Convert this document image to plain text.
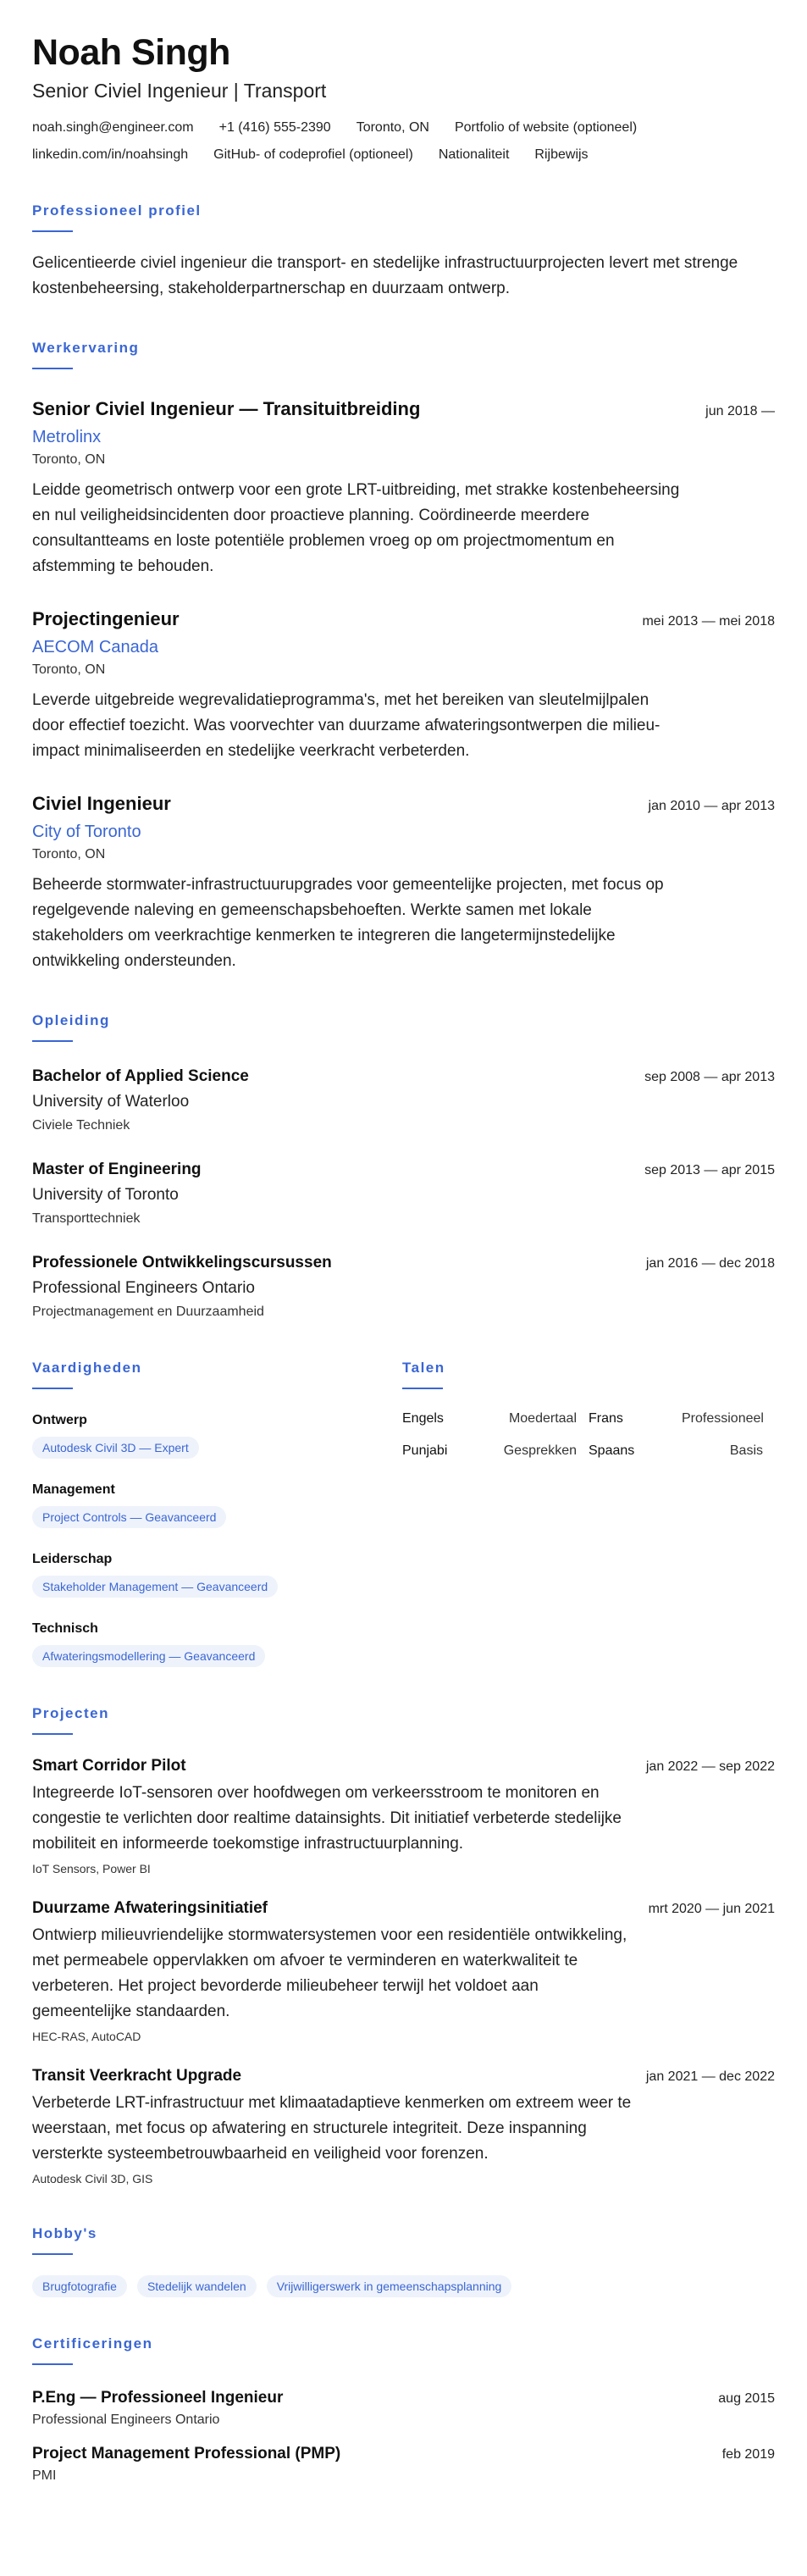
Noah Singh
Senior Civiel Ingenieur | Transport
noah.singh@engineer.com +1 (416) 555-2390 Toronto, ON Portfolio of website (optioneel)
linkedin.com/in/noahsingh GitHub- of codeprofiel (optioneel) Nationaliteit Rijbewijs
Professioneel profiel

Gelicentieerde civiel ingenieur die transport- en stedelijke infrastructuurprojecten levert met strenge kostenbeheersing, stakeholderpartnerschap en duurzaam ontwerp.

Werkervaring
Senior Civiel Ingenieur — Transituitbreiding	jun 2018 —
Metrolinx
Toronto, ON

Leidde geometrisch ontwerp voor een grote LRT-uitbreiding, met strakke kostenbeheersing en nul veiligheidsincidenten door proactieve planning. Coördineerde meerdere consultantteams en loste potentiële problemen vroeg op om projectmomentum en afstemming te behouden.

Projectingenieur	mei 2013 — mei 2018
AECOM Canada
Toronto, ON

Leverde uitgebreide wegrevalidatieprogramma's, met het bereiken van sleutelmijlpalen door effectief toezicht. Was voorvechter van duurzame afwateringsontwerpen die milieu-impact minimaliseerden en stedelijke veerkracht verbeterden.

Civiel Ingenieur	jan 2010 — apr 2013
City of Toronto
Toronto, ON

Beheerde stormwater-infrastructuurupgrades voor gemeentelijke projecten, met focus op regelgevende naleving en gemeenschapsbehoeften. Werkte samen met lokale stakeholders om veerkrachtige kenmerken te integreren die langetermijnstedelijke ontwikkeling ondersteunden.

Opleiding
Bachelor of Applied Science	sep 2008 — apr 2013
University of Waterloo
Civiele Techniek
Master of Engineering	sep 2013 — apr 2015
University of Toronto
Transporttechniek
Professionele Ontwikkelingscursussen	jan 2016 — dec 2018
Professional Engineers Ontario
Projectmanagement en Duurzaamheid
Vaardigheden
Ontwerp
Autodesk Civil 3D — Expert
Management
Project Controls — Geavanceerd
Leiderschap
Stakeholder Management — Geavanceerd
Technisch
Afwateringsmodellering — Geavanceerd
Talen
Engels	Moedertaal Frans	Professioneel
Punjabi	Gesprekken Spaans	Basis
Projecten
Smart Corridor Pilot	jan 2022 — sep 2022

Integreerde IoT-sensoren over hoofdwegen om verkeersstroom te monitoren en congestie te verlichten door realtime datainsights. Dit initiatief verbeterde stedelijke mobiliteit en informeerde toekomstige infrastructuurplanning.

IoT Sensors, Power BI
Duurzame Afwateringsinitiatief	mrt 2020 — jun 2021

Ontwierp milieuvriendelijke stormwatersystemen voor een residentiële ontwikkeling, met permeabele oppervlakken om afvoer te verminderen en waterkwaliteit te verbeteren. Het project bevorderde milieubeheer terwijl het voldoet aan gemeentelijke standaarden.

HEC-RAS, AutoCAD
Transit Veerkracht Upgrade	jan 2021 — dec 2022

Verbeterde LRT-infrastructuur met klimaatadaptieve kenmerken om extreem weer te weerstaan, met focus op afwatering en structurele integriteit. Deze inspanning versterkte systeembetrouwbaarheid en veiligheid voor forenzen.

Autodesk Civil 3D, GIS
Hobby's
Brugfotografie	Stedelijk wandelen	Vrijwilligerswerk in gemeenschapsplanning
Certificeringen
P.Eng — Professioneel Ingenieur	aug 2015
Professional Engineers Ontario
Project Management Professional (PMP)	feb 2019
PMI
